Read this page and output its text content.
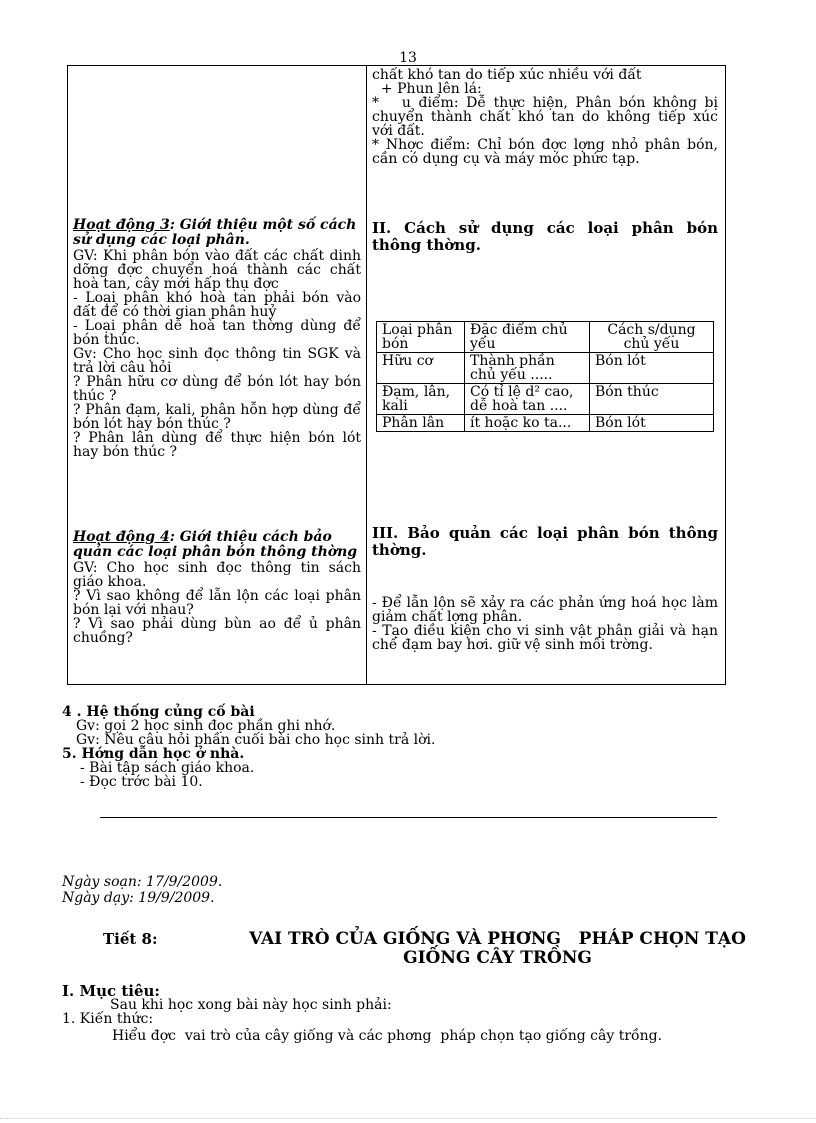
13

chất khó tan do tiếp xúc nhiều với đất

+ Phun lên lá:

*   u điểm: Dễ thực hiện, Phân bón không bị chuyển thành chất khó tan do không tiếp xúc với đất.

* Nhợc điểm: Chỉ bón đợc lợng nhỏ phân bón, cần có dụng cụ và máy móc phức tạp.

Hoạt động 3: Giới thiệu một số cách sử dụng các loại phân.

GV: Khi phân bón vào đất các chất dinh dỡng đợc chuyển hoá thành các chất hoà tan, cây mới hấp thụ đợc

- Loại phân khó hoà tan phải bón vào đất để có thời gian phân huỷ

- Loại phân dễ hoà tan thờng dùng để bón thúc.

Gv: Cho học sinh đọc thông tin SGK và trả lời câu hỏi

? Phân hữu cơ dùng để bón lót hay bón thúc ?

? Phân đạm, kali, phân hỗn hợp dùng để bón lót hay bón thúc ?

? Phân lân dùng để thực hiện bón lót hay bón thúc ?

II. Cách sử dụng các loại phân bón thông thờng.
Loại phân bón	Đặc điểm chủ yếu	Cách s/dụng chủ yếu
Hữu cơ	Thành phần chủ yếu .....	Bón lót
Đạm, lân, kali	Có tỉ lệ d² cao, dễ hoà tan ....	Bón thúc
Phân lân	ít hoặc ko ta...	Bón lót
Hoạt động 4: Giới thiệu cách bảo quản các loại phân bón thông thờng

GV: Cho học sinh đọc thông tin sách giáo khoa.

? Vì sao không để lẫn lộn các loại phân bón lại với nhau?

? Vì sao phải dùng bùn ao để ủ phân chuồng?

III. Bảo quản các loại phân bón thông thờng.

- Để lẫn lộn sẽ xảy ra các phản ứng hoá học làm giảm chất lợng phân.

- Tạo điều kiện cho vi sinh vật phân giải và hạn chế đạm bay hơi. giữ vệ sinh môi trờng.

4 . Hệ thống củng cố bài
Gv: gọi 2 học sinh đọc phần ghi nhớ.
Gv: Nêu câu hỏi phần cuối bài cho học sinh trả lời.
5. Hớng dẫn học ở nhà.
- Bài tập sách giáo khoa.
- Đọc trớc bài 10.
Ngày soạn: 17/9/2009.
Ngày dạy: 19/9/2009.
Tiết 8:	VAI TRÒ CỦA GIỐNG VÀ PHƠNG   PHÁP CHỌN TẠO
GIỐNG CÂY TRỒNG
I. Mục tiêu:
Sau khi học xong bài này học sinh phải:
1. Kiến thức:
Hiểu đợc  vai trò của cây giống và các phơng  pháp chọn tạo giống cây trồng.
